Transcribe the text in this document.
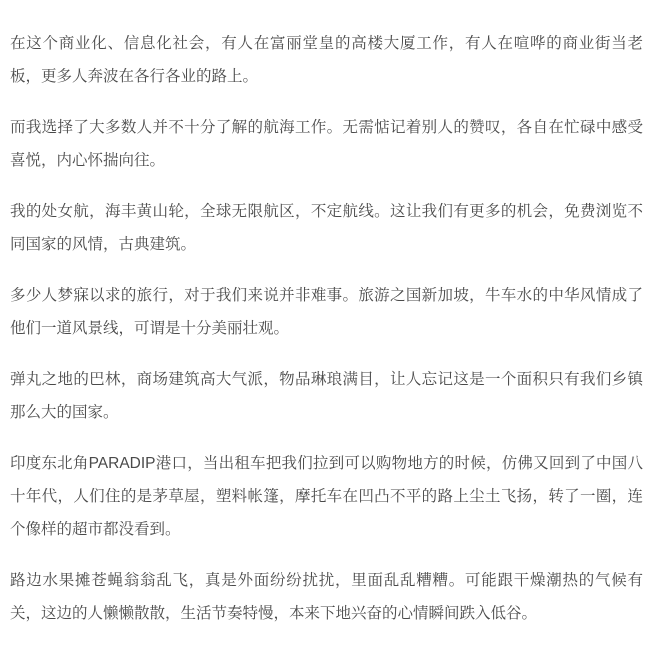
在这个商业化、信息化社会，有人在富丽堂皇的高楼大厦工作，有人在喧哗的商业街当老板，更多人奔波在各行各业的路上。

而我选择了大多数人并不十分了解的航海工作。无需惦记着别人的赞叹，各自在忙碌中感受喜悦，内心怀揣向往。

我的处女航，海丰黄山轮，全球无限航区，不定航线。这让我们有更多的机会，免费浏览不同国家的风情，古典建筑。

多少人梦寐以求的旅行，对于我们来说并非难事。旅游之国新加坡，牛车水的中华风情成了他们一道风景线，可谓是十分美丽壮观。

弹丸之地的巴林，商场建筑高大气派，物品琳琅满目，让人忘记这是一个面积只有我们乡镇那么大的国家。

印度东北角PARADIP港口，当出租车把我们拉到可以购物地方的时候，仿佛又回到了中国八十年代，人们住的是茅草屋，塑料帐篷，摩托车在凹凸不平的路上尘土飞扬，转了一圈，连个像样的超市都没看到。

路边水果摊苍蝇翁翁乱飞，真是外面纷纷扰扰，里面乱乱糟糟。可能跟干燥潮热的气候有关，这边的人懒懒散散，生活节奏特慢，本来下地兴奋的心情瞬间跌入低谷。
